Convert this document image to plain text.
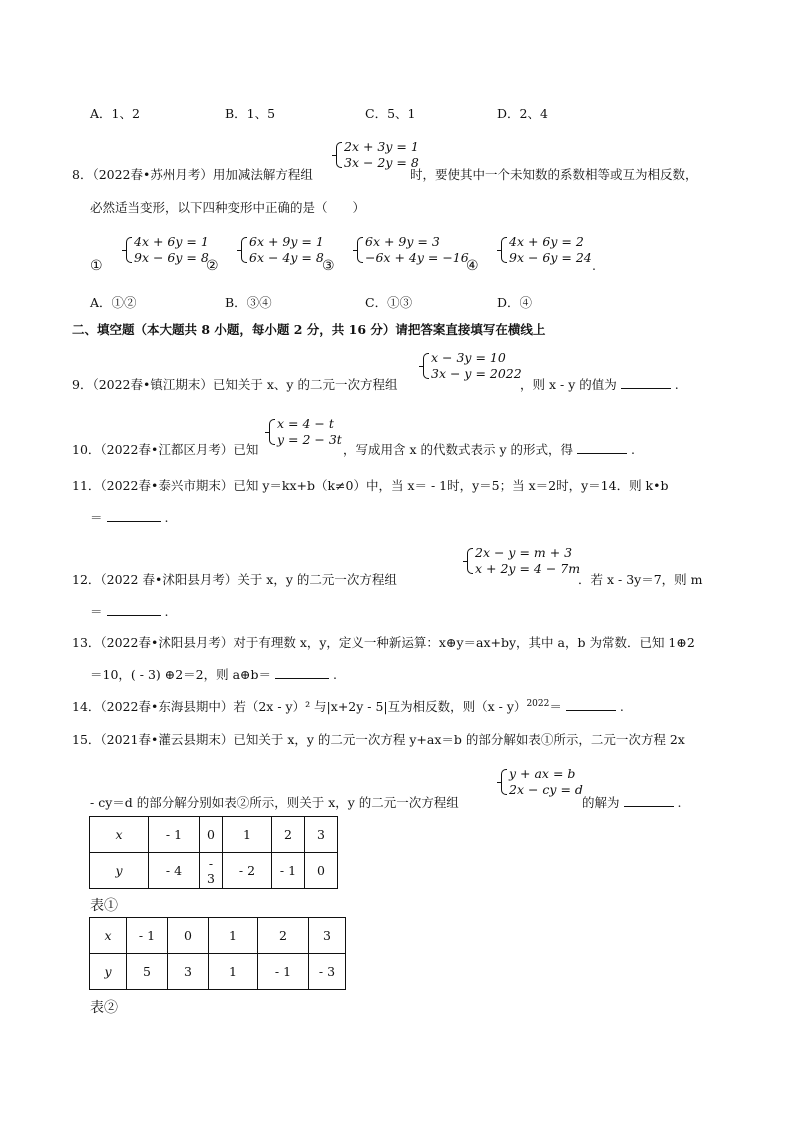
A．1、2	B．1、5	C．5、1	D．2、4
8．（2022春•苏州月考）用加减法解方程组
2x + 3y = 1
3x − 2y = 8
时，要使其中一个未知数的系数相等或互为相反数，
必然适当变形，以下四种变形中正确的是（　　）
①
4x + 6y = 1
9x − 6y = 8
②
6x + 9y = 1
6x − 4y = 8
③
6x + 9y = 3
−6x + 4y = −16
④
4x + 6y = 2
9x − 6y = 24
.
A．①②	B．③④	C．①③	D．④
二、填空题（本大题共 8 小题，每小题 2 分，共 16 分）请把答案直接填写在横线上
9．（2022春•镇江期末）已知关于 x、y 的二元一次方程组
x − 3y = 10
3x − y = 2022
，则 x - y 的值为	.
10．（2022春•江都区月考）已知
x = 4 − t
y = 2 − 3t
，写成用含 x 的代数式表示 y 的形式，得	.
11．（2022春•泰兴市期末）已知 y＝kx+b（k≠0）中，当 x＝ - 1时，y＝5；当 x＝2时，y＝14．则 k•b
＝	.
12．（2022 春•沭阳县月考）关于 x，y 的二元一次方程组
2x − y = m + 3
x + 2y = 4 − 7m
．若 x - 3y＝7，则 m
＝	.
13．（2022春•沭阳县月考）对于有理数 x，y，定义一种新运算：x⊕y＝ax+by，其中 a，b 为常数．已知 1⊕2
＝10，( - 3) ⊕2＝2，则 a⊕b＝	.
14．（2022春•东海县期中）若（2x - y）² 与|x+2y - 5|互为相反数，则（x - y）$^{2022}$＝	.
15．（2021春•灌云县期末）已知关于 x，y 的二元一次方程 y+ax＝b 的部分解如表①所示，二元一次方程 2x
- cy＝d 的部分解分别如表②所示，则关于 x，y 的二元一次方程组
y + ax = b
2x − cy = d
的解为	.
x	- 1	0	1	2	3
y	- 4	- 3	- 2	- 1	0
表①
x	- 1	0	1	2	3
y	5	3	1	- 1	- 3
表②
